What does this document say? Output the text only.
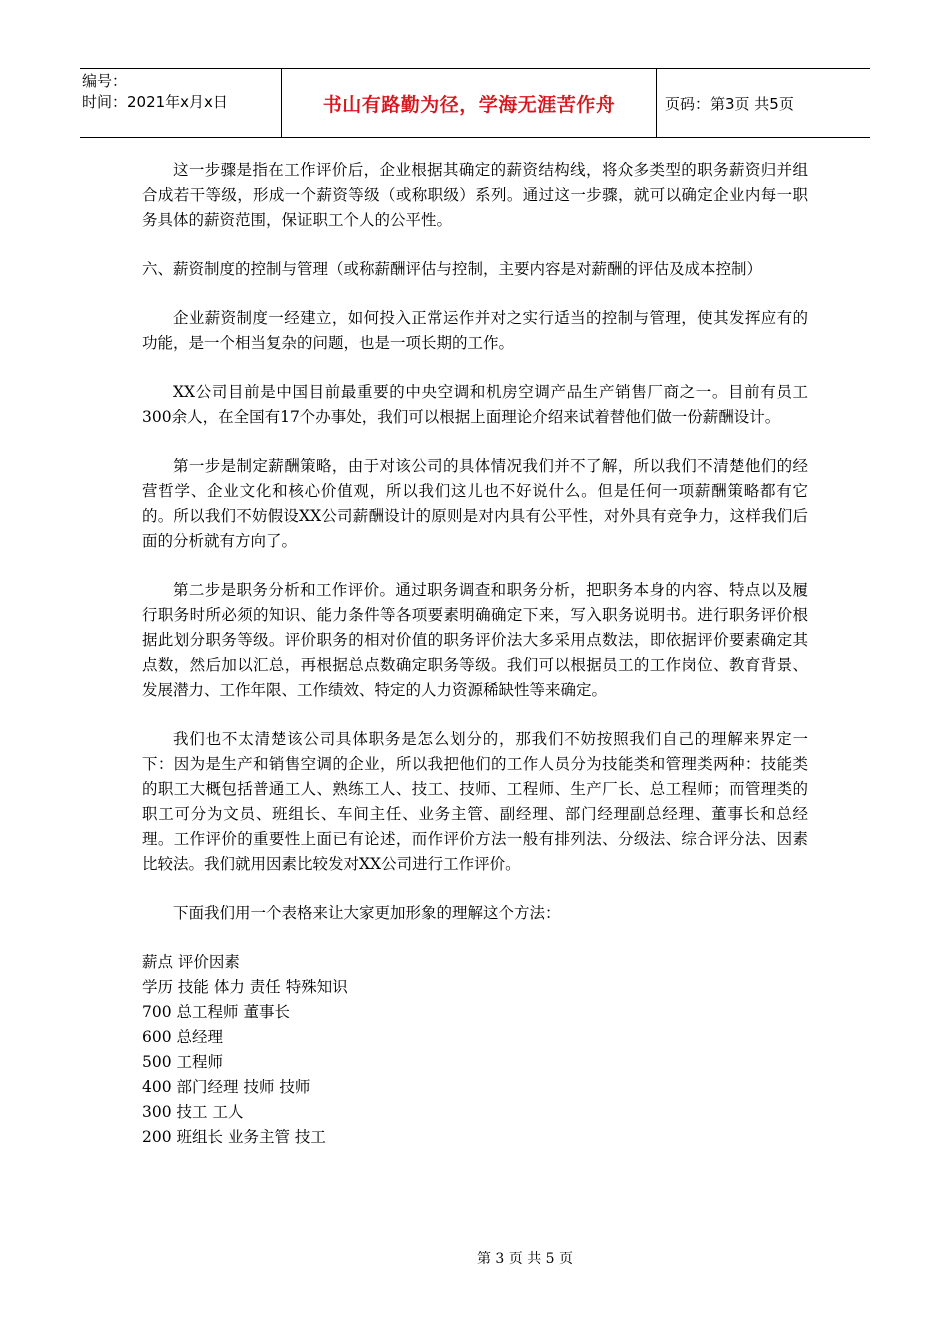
编号：
时间：2021年x月x日	书山有路勤为径，学海无涯苦作舟	页码：第3页 共5页

这一步骤是指在工作评价后，企业根据其确定的薪资结构线，将众多类型的职务薪资归并组合成若干等级，形成一个薪资等级（或称职级）系列。通过这一步骤，就可以确定企业内每一职务具体的薪资范围，保证职工个人的公平性。

六、薪资制度的控制与管理（或称薪酬评估与控制，主要内容是对薪酬的评估及成本控制）

企业薪资制度一经建立，如何投入正常运作并对之实行适当的控制与管理，使其发挥应有的功能，是一个相当复杂的问题，也是一项长期的工作。

XX公司目前是中国目前最重要的中央空调和机房空调产品生产销售厂商之一。目前有员工300余人，在全国有17个办事处，我们可以根据上面理论介绍来试着替他们做一份薪酬设计。

第一步是制定薪酬策略，由于对该公司的具体情况我们并不了解，所以我们不清楚他们的经营哲学、企业文化和核心价值观，所以我们这儿也不好说什么。但是任何一项薪酬策略都有它的。所以我们不妨假设XX公司薪酬设计的原则是对内具有公平性，对外具有竞争力，这样我们后面的分析就有方向了。

第二步是职务分析和工作评价。通过职务调查和职务分析，把职务本身的内容、特点以及履行职务时所必须的知识、能力条件等各项要素明确确定下来，写入职务说明书。进行职务评价根据此划分职务等级。评价职务的相对价值的职务评价法大多采用点数法，即依据评价要素确定其点数，然后加以汇总，再根据总点数确定职务等级。我们可以根据员工的工作岗位、教育背景、发展潜力、工作年限、工作绩效、特定的人力资源稀缺性等来确定。

我们也不太清楚该公司具体职务是怎么划分的，那我们不妨按照我们自己的理解来界定一下：因为是生产和销售空调的企业，所以我把他们的工作人员分为技能类和管理类两种：技能类的职工大概包括普通工人、熟练工人、技工、技师、工程师、生产厂长、总工程师；而管理类的职工可分为文员、班组长、车间主任、业务主管、副经理、部门经理副总经理、董事长和总经理。工作评价的重要性上面已有论述，而作评价方法一般有排列法、分级法、综合评分法、因素比较法。我们就用因素比较发对XX公司进行工作评价。

下面我们用一个表格来让大家更加形象的理解这个方法：

薪点 评价因素
学历 技能 体力 责任 特殊知识
700 总工程师 董事长
600 总经理
500 工程师
400 部门经理 技师 技师
300 技工 工人
200 班组长 业务主管 技工
第 3 页 共 5 页
